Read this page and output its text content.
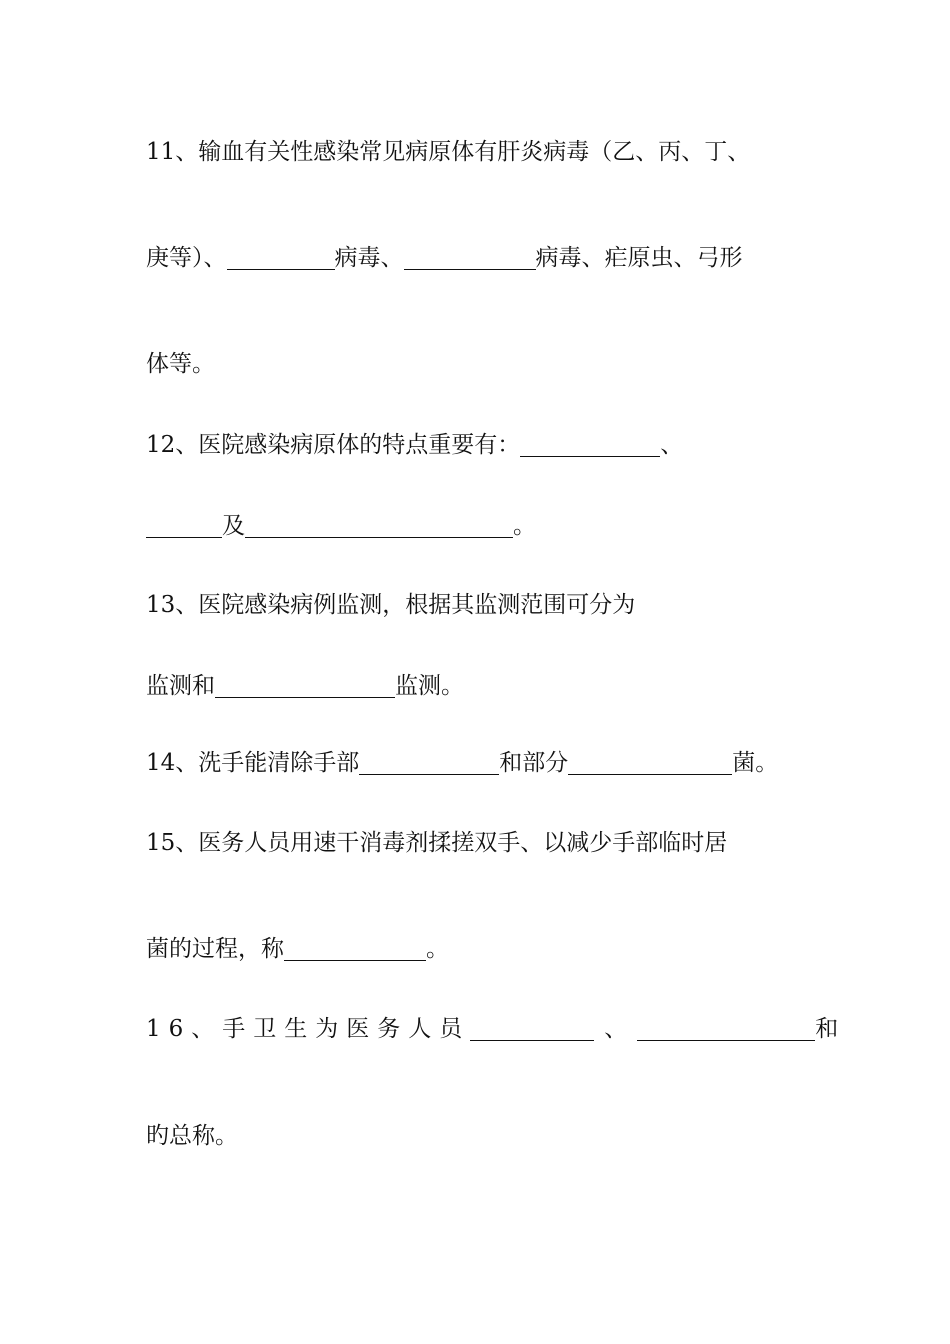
11、输血有关性感染常见病原体有肝炎病毒（乙、丙、丁、
庚等）、	病毒、	病毒、疟原虫、弓形
体等。
12、医院感染病原体的特点重要有：	、
及	。
13、医院感染病例监测，根据其监测范围可分为
监测和	监测。
14、洗手能清除手部	和部分	菌。
15、医务人员用速干消毒剂揉搓双手、以减少手部临时居
菌的过程，称	。
16、手卫生为医务人员	、	和
旳总称。
